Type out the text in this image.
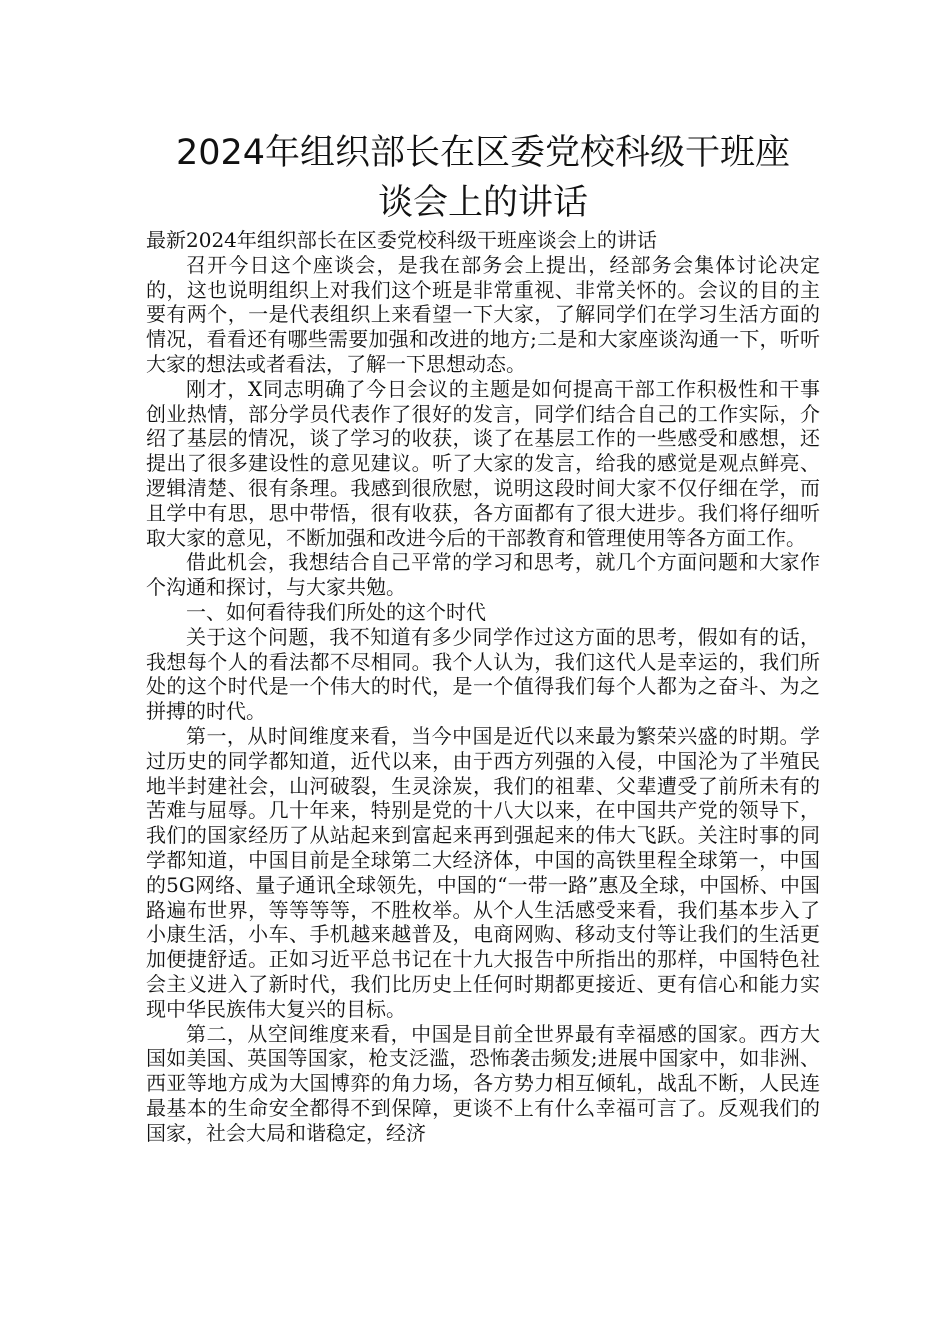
2024年组织部长在区委党校科级干班座
谈会上的讲话

最新2024年组织部长在区委党校科级干班座谈会上的讲话

召开今日这个座谈会，是我在部务会上提出，经部务会集体讨论决定的，这也说明组织上对我们这个班是非常重视、非常关怀的。会议的目的主要有两个，一是代表组织上来看望一下大家，了解同学们在学习生活方面的情况，看看还有哪些需要加强和改进的地方;二是和大家座谈沟通一下，听听大家的想法或者看法，了解一下思想动态。

刚才，X同志明确了今日会议的主题是如何提高干部工作积极性和干事创业热情，部分学员代表作了很好的发言，同学们结合自己的工作实际，介绍了基层的情况，谈了学习的收获，谈了在基层工作的一些感受和感想，还提出了很多建设性的意见建议。听了大家的发言，给我的感觉是观点鲜亮、逻辑清楚、很有条理。我感到很欣慰，说明这段时间大家不仅仔细在学，而且学中有思，思中带悟，很有收获，各方面都有了很大进步。我们将仔细听取大家的意见，不断加强和改进今后的干部教育和管理使用等各方面工作。

借此机会，我想结合自己平常的学习和思考，就几个方面问题和大家作个沟通和探讨，与大家共勉。

一、如何看待我们所处的这个时代

关于这个问题，我不知道有多少同学作过这方面的思考，假如有的话，我想每个人的看法都不尽相同。我个人认为，我们这代人是幸运的，我们所处的这个时代是一个伟大的时代，是一个值得我们每个人都为之奋斗、为之拼搏的时代。

第一，从时间维度来看，当今中国是近代以来最为繁荣兴盛的时期。学过历史的同学都知道，近代以来，由于西方列强的入侵，中国沦为了半殖民地半封建社会，山河破裂，生灵涂炭，我们的祖辈、父辈遭受了前所未有的苦难与屈辱。几十年来，特别是党的十八大以来，在中国共产党的领导下，我们的国家经历了从站起来到富起来再到强起来的伟大飞跃。关注时事的同学都知道，中国目前是全球第二大经济体，中国的高铁里程全球第一，中国的5G网络、量子通讯全球领先，中国的“一带一路”惠及全球，中国桥、中国路遍布世界，等等等等，不胜枚举。从个人生活感受来看，我们基本步入了小康生活，小车、手机越来越普及，电商网购、移动支付等让我们的生活更加便捷舒适。正如习近平总书记在十九大报告中所指出的那样，中国特色社会主义进入了新时代，我们比历史上任何时期都更接近、更有信心和能力实现中华民族伟大复兴的目标。

第二，从空间维度来看，中国是目前全世界最有幸福感的国家。西方大国如美国、英国等国家，枪支泛滥，恐怖袭击频发;进展中国家中，如非洲、西亚等地方成为大国博弈的角力场，各方势力相互倾轧，战乱不断，人民连最基本的生命安全都得不到保障，更谈不上有什么幸福可言了。反观我们的国家，社会大局和谐稳定，经济
